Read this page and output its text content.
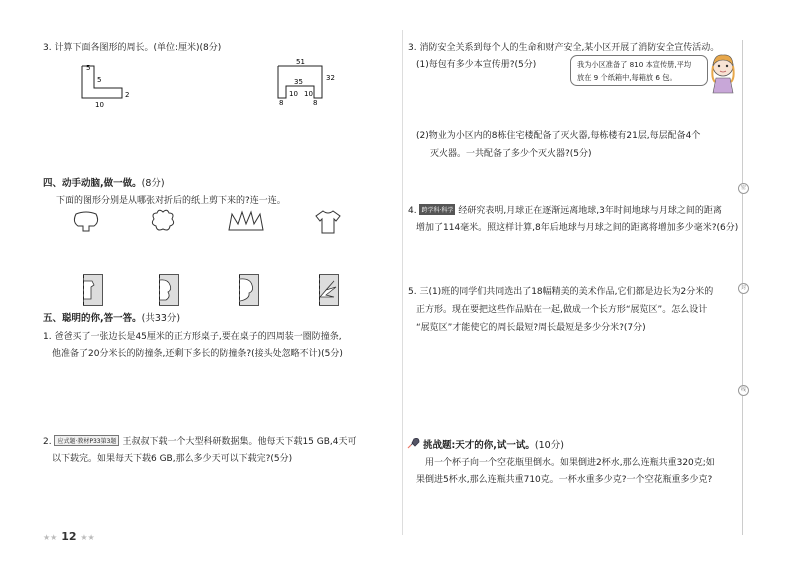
密
封
线
3. 计算下面各图形的周长。(单位:厘米)(8分)
5
5
10
2
51
32
35
10 10
8	8
四、动手动脑,做一做。(8分)
下面的图形分别是从哪张对折后的纸上剪下来的?连一连。
五、聪明的你,答一答。(共33分)
1. 爸爸买了一张边长是45厘米的正方形桌子,要在桌子的四周装一圈防撞条,
他准备了20分米长的防撞条,还剩下多长的防撞条?(接头处忽略不计)(5分)
2. 应式题·教材P33第3题 王叔叔下载一个大型科研数据集。他每天下载15 GB,4天可
以下载完。如果每天下载6 GB,那么多少天可以下载完?(5分)
★★ 12 ★★
3. 消防安全关系到每个人的生命和财产安全,某小区开展了消防安全宣传活动。
(1)每包有多少本宣传册?(5分)	我为小区准备了 810 本宣传册,平均
放在 9 个纸箱中,每箱放 6 包。
(2)物业为小区内的8栋住宅楼配备了灭火器,每栋楼有21层,每层配备4个
灭火器。一共配备了多少个灭火器?(5分)
4. 跨学科·科学 经研究表明,月球正在逐渐远离地球,3年时间地球与月球之间的距离
增加了114毫米。照这样计算,8年后地球与月球之间的距离将增加多少毫米?(6分)
5. 三(1)班的同学们共同选出了18幅精美的美术作品,它们都是边长为2分米的
正方形。现在要把这些作品贴在一起,做成一个长方形“展览区”。怎么设计
“展览区”才能使它的周长最短?周长最短是多少分米?(7分)
挑战题:天才的你,试一试。(10分)
用一个杯子向一个空花瓶里倒水。如果倒进2杯水,那么连瓶共重320克;如
果倒进5杯水,那么连瓶共重710克。一杯水重多少克?一个空花瓶重多少克?
